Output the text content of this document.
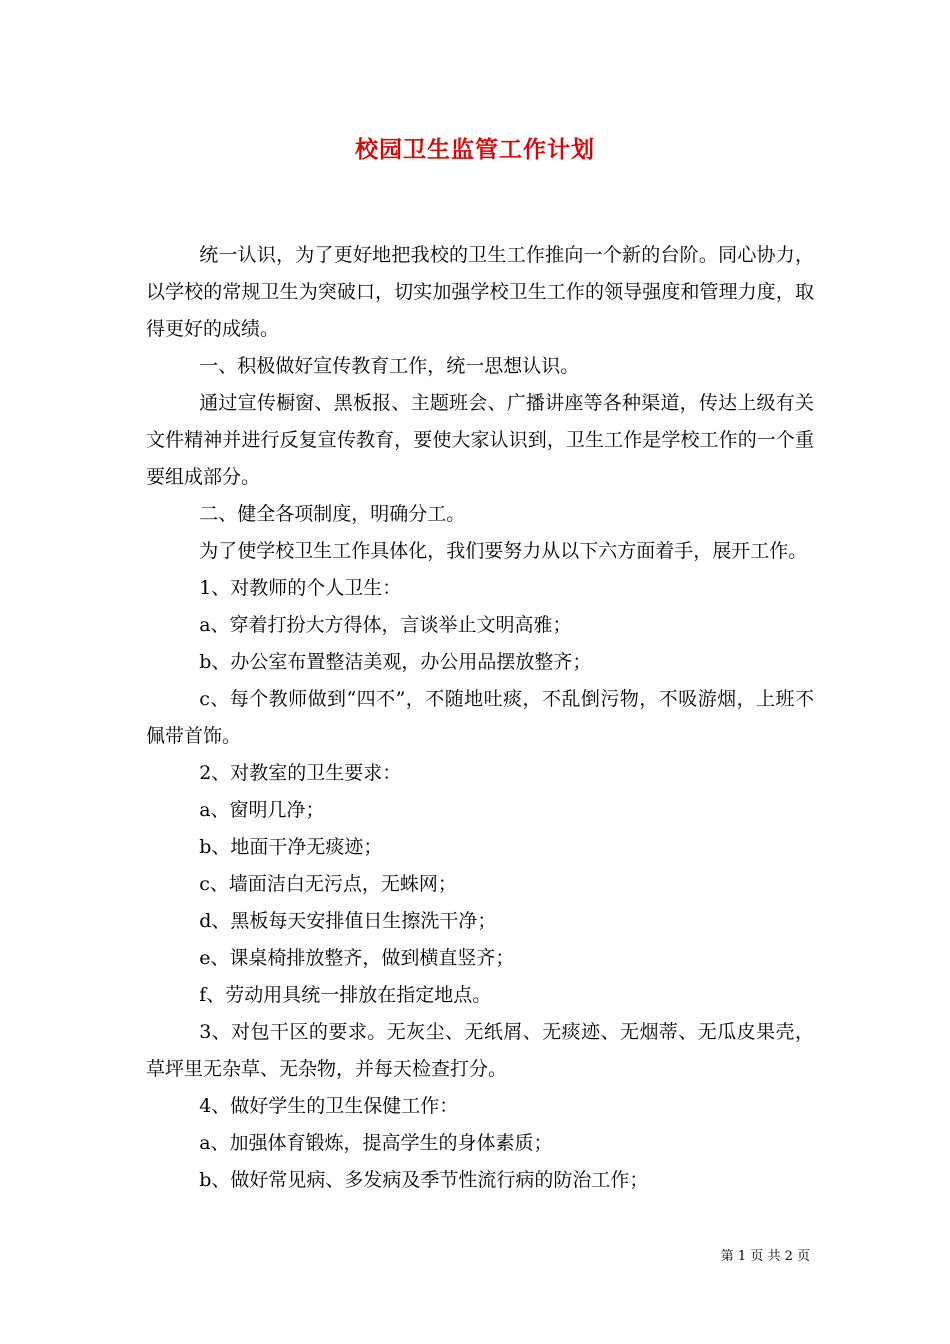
校园卫生监管工作计划

统一认识，为了更好地把我校的卫生工作推向一个新的台阶。同心协力，以学校的常规卫生为突破口，切实加强学校卫生工作的领导强度和管理力度，取得更好的成绩。

一、积极做好宣传教育工作，统一思想认识。

通过宣传橱窗、黑板报、主题班会、广播讲座等各种渠道，传达上级有关文件精神并进行反复宣传教育，要使大家认识到，卫生工作是学校工作的一个重要组成部分。

二、健全各项制度，明确分工。

为了使学校卫生工作具体化，我们要努力从以下六方面着手，展开工作。

1、对教师的个人卫生：

a、穿着打扮大方得体，言谈举止文明高雅；

b、办公室布置整洁美观，办公用品摆放整齐；

c、每个教师做到“四不”，不随地吐痰，不乱倒污物，不吸游烟，上班不佩带首饰。

2、对教室的卫生要求：

a、窗明几净；

b、地面干净无痰迹；

c、墙面洁白无污点，无蛛网；

d、黑板每天安排值日生擦洗干净；

e、课桌椅排放整齐，做到横直竖齐；

f、劳动用具统一排放在指定地点。

3、对包干区的要求。无灰尘、无纸屑、无痰迹、无烟蒂、无瓜皮果壳，草坪里无杂草、无杂物，并每天检查打分。

4、做好学生的卫生保健工作：

a、加强体育锻炼，提高学生的身体素质；

b、做好常见病、多发病及季节性流行病的防治工作；

第 1 页 共 2 页
